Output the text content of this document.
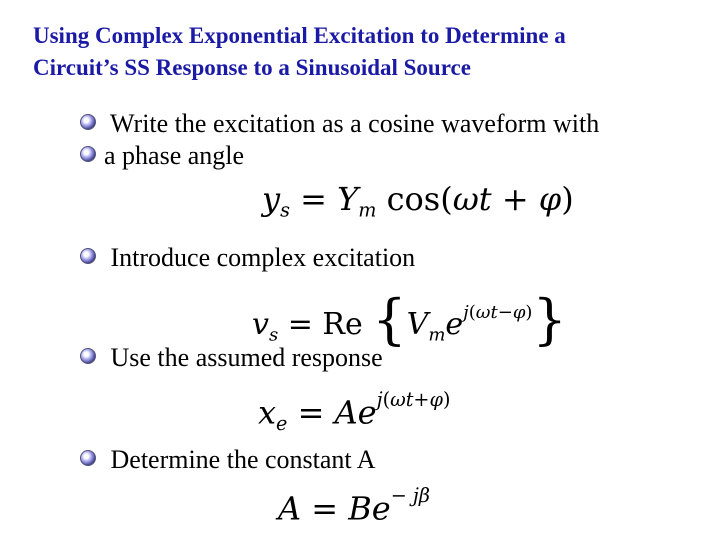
Using Complex Exponential Excitation to Determine a
Circuit’s SS Response to a Sinusoidal Source
Write the excitation as a cosine waveform with
a phase angle
$y_s = Y_m$ cos(ωt + φ)
Introduce complex excitation
$v_s = Re$ $\{V_me^{j(\omega t-\varphi)}\}$
Use the assumed response
$x_e = Ae^{j(\omega t+\varphi)}$
Determine the constant A
$A = Be^{- j\beta}$
